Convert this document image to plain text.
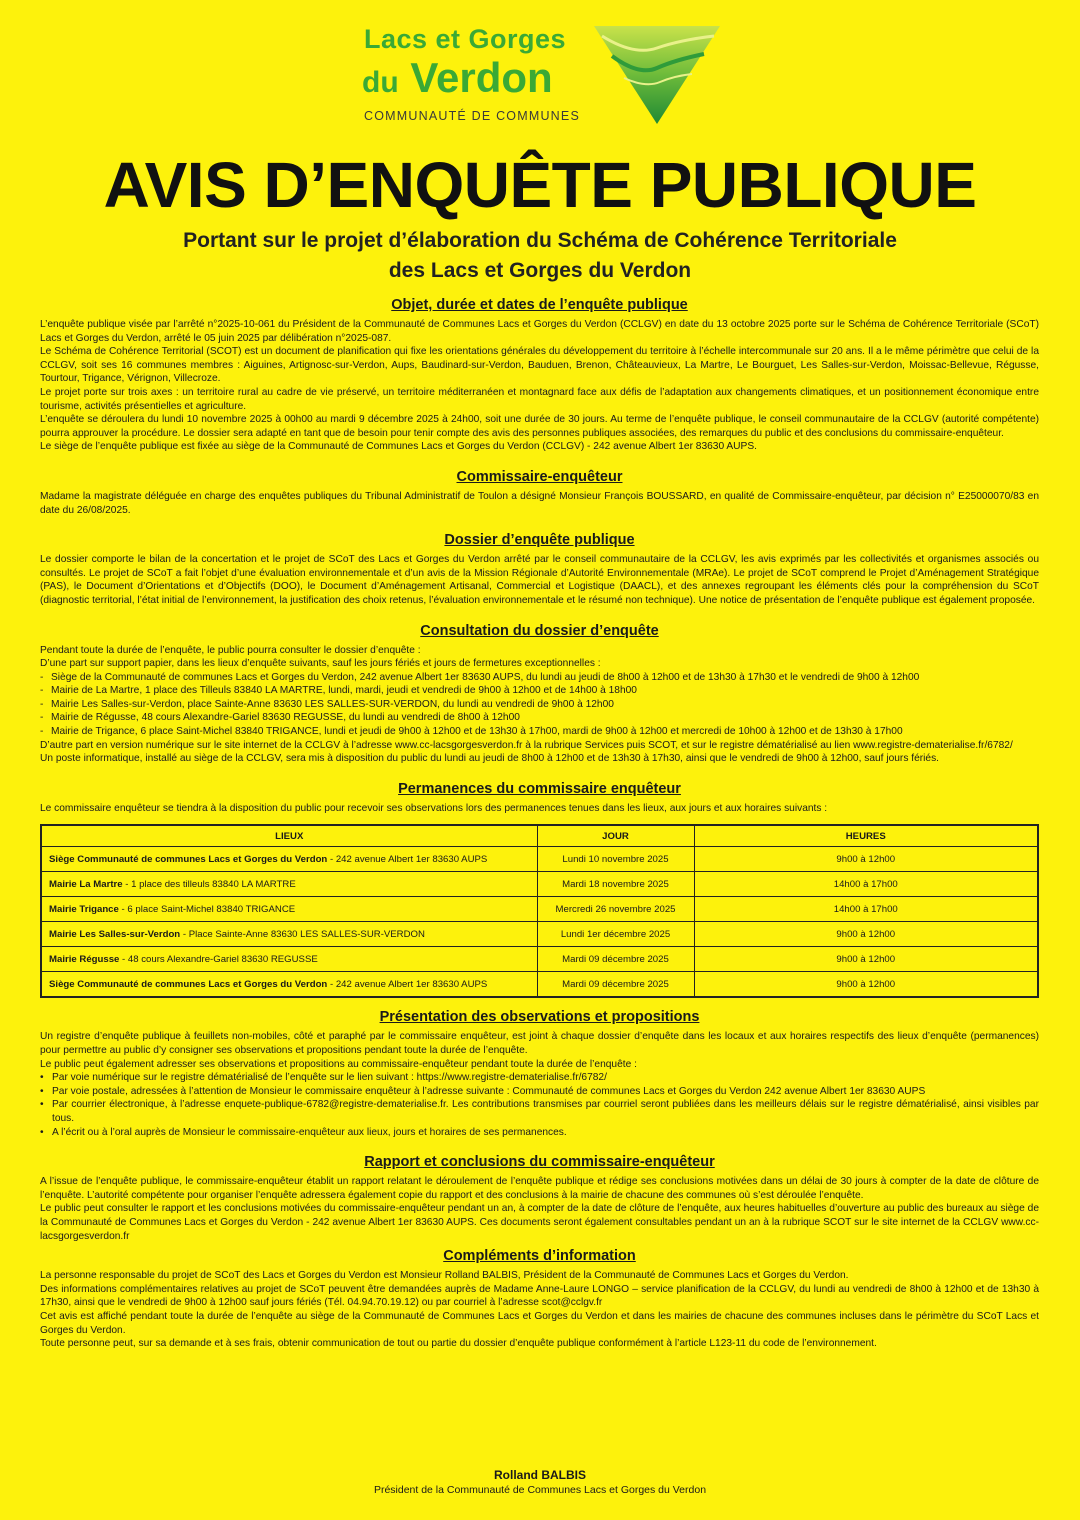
Lacs et Gorges
du Verdon
COMMUNAUTÉ DE COMMUNES
AVIS D’ENQUÊTE PUBLIQUE
Portant sur le projet d’élaboration du Schéma de Cohérence Territoriale
des Lacs et Gorges du Verdon
Objet, durée et dates de l’enquête publique

L’enquête publique visée par l’arrêté n°2025-10-061 du Président de la Communauté de Communes Lacs et Gorges du Verdon (CCLGV) en date du 13 octobre 2025 porte sur le Schéma de Cohérence Territoriale (SCoT) Lacs et Gorges du Verdon, arrêté le 05 juin 2025 par délibération n°2025-087.

Le Schéma de Cohérence Territorial (SCOT) est un document de planification qui fixe les orientations générales du développement du territoire à l’échelle intercommunale sur 20 ans. Il a le même périmètre que celui de la CCLGV, soit ses 16 communes membres : Aiguines, Artignosc-sur-Verdon, Aups, Baudinard-sur-Verdon, Bauduen, Brenon, Châteauvieux, La Martre, Le Bourguet, Les Salles-sur-Verdon, Moissac-Bellevue, Régusse, Tourtour, Trigance, Vérignon, Villecroze.

Le projet porte sur trois axes : un territoire rural au cadre de vie préservé, un territoire méditerranéen et montagnard face aux défis de l’adaptation aux changements climatiques, et un positionnement économique entre tourisme, activités présentielles et agriculture.

L’enquête se déroulera du lundi 10 novembre 2025 à 00h00 au mardi 9 décembre 2025 à 24h00, soit une durée de 30 jours. Au terme de l’enquête publique, le conseil communautaire de la CCLGV (autorité compétente) pourra approuver la procédure. Le dossier sera adapté en tant que de besoin pour tenir compte des avis des personnes publiques associées, des remarques du public et des conclusions du commissaire-enquêteur.

Le siège de l’enquête publique est fixée au siège de la Communauté de Communes Lacs et Gorges du Verdon (CCLGV) - 242 avenue Albert 1er 83630 AUPS.

Commissaire-enquêteur

Madame la magistrate déléguée en charge des enquêtes publiques du Tribunal Administratif de Toulon a désigné Monsieur François BOUSSARD, en qualité de Commissaire-enquêteur, par décision n° E25000070/83 en date du 26/08/2025.

Dossier d’enquête publique

Le dossier comporte le bilan de la concertation et le projet de SCoT des Lacs et Gorges du Verdon arrêté par le conseil communautaire de la CCLGV, les avis exprimés par les collectivités et organismes associés ou consultés. Le projet de SCoT a fait l’objet d’une évaluation environnementale et d’un avis de la Mission Régionale d’Autorité Environnementale (MRAe). Le projet de SCoT comprend le Projet d’Aménagement Stratégique (PAS), le Document d’Orientations et d’Objectifs (DOO), le Document d’Aménagement Artisanal, Commercial et Logistique (DAACL), et des annexes regroupant les éléments clés pour la compréhension du SCoT (diagnostic territorial, l’état initial de l’environnement, la justification des choix retenus, l’évaluation environnementale et le résumé non technique). Une notice de présentation de l’enquête publique est également proposée.

Consultation du dossier d’enquête

Pendant toute la durée de l’enquête, le public pourra consulter le dossier d’enquête :

D’une part sur support papier, dans les lieux d’enquête suivants, sauf les jours fériés et jours de fermetures exceptionnelles :

- Siège de la Communauté de communes Lacs et Gorges du Verdon, 242 avenue Albert 1er 83630 AUPS, du lundi au jeudi de 8h00 à 12h00 et de 13h30 à 17h30 et le vendredi de 9h00 à 12h00
- Mairie de La Martre, 1 place des Tilleuls 83840 LA MARTRE, lundi, mardi, jeudi et vendredi de 9h00 à 12h00 et de 14h00 à 18h00
- Mairie Les Salles-sur-Verdon, place Sainte-Anne 83630 LES SALLES-SUR-VERDON, du lundi au vendredi de 9h00 à 12h00
- Mairie de Régusse, 48 cours Alexandre-Gariel 83630 REGUSSE, du lundi au vendredi de 8h00 à 12h00
- Mairie de Trigance, 6 place Saint-Michel 83840 TRIGANCE, lundi et jeudi de 9h00 à 12h00 et de 13h30 à 17h00, mardi de 9h00 à 12h00 et mercredi de 10h00 à 12h00 et de 13h30 à 17h00

D’autre part en version numérique sur le site internet de la CCLGV à l’adresse www.cc-lacsgorgesverdon.fr à la rubrique Services puis SCOT, et sur le registre dématérialisé au lien www.registre-dematerialise.fr/6782/

Un poste informatique, installé au siège de la CCLGV, sera mis à disposition du public du lundi au jeudi de 8h00 à 12h00 et de 13h30 à 17h30, ainsi que le vendredi de 9h00 à 12h00, sauf jours fériés.

Permanences du commissaire enquêteur

Le commissaire enquêteur se tiendra à la disposition du public pour recevoir ses observations lors des permanences tenues dans les lieux, aux jours et aux horaires suivants :

LIEUX	JOUR	HEURES
Siège Communauté de communes Lacs et Gorges du Verdon - 242 avenue Albert 1er 83630 AUPS	Lundi 10 novembre 2025	9h00 à 12h00
Mairie La Martre - 1 place des tilleuls 83840 LA MARTRE	Mardi 18 novembre 2025	14h00 à 17h00
Mairie Trigance - 6 place Saint-Michel 83840 TRIGANCE	Mercredi 26 novembre 2025	14h00 à 17h00
Mairie Les Salles-sur-Verdon - Place Sainte-Anne 83630 LES SALLES-SUR-VERDON	Lundi 1er décembre 2025	9h00 à 12h00
Mairie Régusse - 48 cours Alexandre-Gariel 83630 REGUSSE	Mardi 09 décembre 2025	9h00 à 12h00
Siège Communauté de communes Lacs et Gorges du Verdon - 242 avenue Albert 1er 83630 AUPS	Mardi 09 décembre 2025	9h00 à 12h00
Présentation des observations et propositions

Un registre d’enquête publique à feuillets non-mobiles, côté et paraphé par le commissaire enquêteur, est joint à chaque dossier d’enquête dans les locaux et aux horaires respectifs des lieux d’enquête (permanences) pour permettre au public d’y consigner ses observations et propositions pendant toute la durée de l’enquête.

Le public peut également adresser ses observations et propositions au commissaire-enquêteur pendant toute la durée de l’enquête :

• Par voie numérique sur le registre dématérialisé de l’enquête sur le lien suivant : https://www.registre-dematerialise.fr/6782/
• Par voie postale, adressées à l’attention de Monsieur le commissaire enquêteur à l’adresse suivante : Communauté de communes Lacs et Gorges du Verdon 242 avenue Albert 1er 83630 AUPS
• Par courrier électronique, à l’adresse enquete-publique-6782@registre-dematerialise.fr. Les contributions transmises par courriel seront publiées dans les meilleurs délais sur le registre dématérialisé, ainsi visibles par tous.
• A l’écrit ou à l’oral auprès de Monsieur le commissaire-enquêteur aux lieux, jours et horaires de ses permanences.
Rapport et conclusions du commissaire-enquêteur

A l’issue de l’enquête publique, le commissaire-enquêteur établit un rapport relatant le déroulement de l’enquête publique et rédige ses conclusions motivées dans un délai de 30 jours à compter de la date de clôture de l’enquête. L’autorité compétente pour organiser l’enquête adressera également copie du rapport et des conclusions à la mairie de chacune des communes où s’est déroulée l’enquête.

Le public peut consulter le rapport et les conclusions motivées du commissaire-enquêteur pendant un an, à compter de la date de clôture de l’enquête, aux heures habituelles d’ouverture au public des bureaux au siège de la Communauté de Communes Lacs et Gorges du Verdon - 242 avenue Albert 1er 83630 AUPS. Ces documents seront également consultables pendant un an à la rubrique SCOT sur le site internet de la CCLGV www.cc-lacsgorgesverdon.fr

Compléments d’information

La personne responsable du projet de SCoT des Lacs et Gorges du Verdon est Monsieur Rolland BALBIS, Président de la Communauté de Communes Lacs et Gorges du Verdon.

Des informations complémentaires relatives au projet de SCoT peuvent être demandées auprès de Madame Anne-Laure LONGO – service planification de la CCLGV, du lundi au vendredi de 8h00 à 12h00 et de 13h30 à 17h30, ainsi que le vendredi de 9h00 à 12h00 sauf jours fériés (Tél. 04.94.70.19.12) ou par courriel à l’adresse scot@cclgv.fr

Cet avis est affiché pendant toute la durée de l’enquête au siège de la Communauté de Communes Lacs et Gorges du Verdon et dans les mairies de chacune des communes incluses dans le périmètre du SCoT Lacs et Gorges du Verdon.

Toute personne peut, sur sa demande et à ses frais, obtenir communication de tout ou partie du dossier d’enquête publique conformément à l’article L123-11 du code de l’environnement.

Rolland BALBIS
Président de la Communauté de Communes Lacs et Gorges du Verdon
